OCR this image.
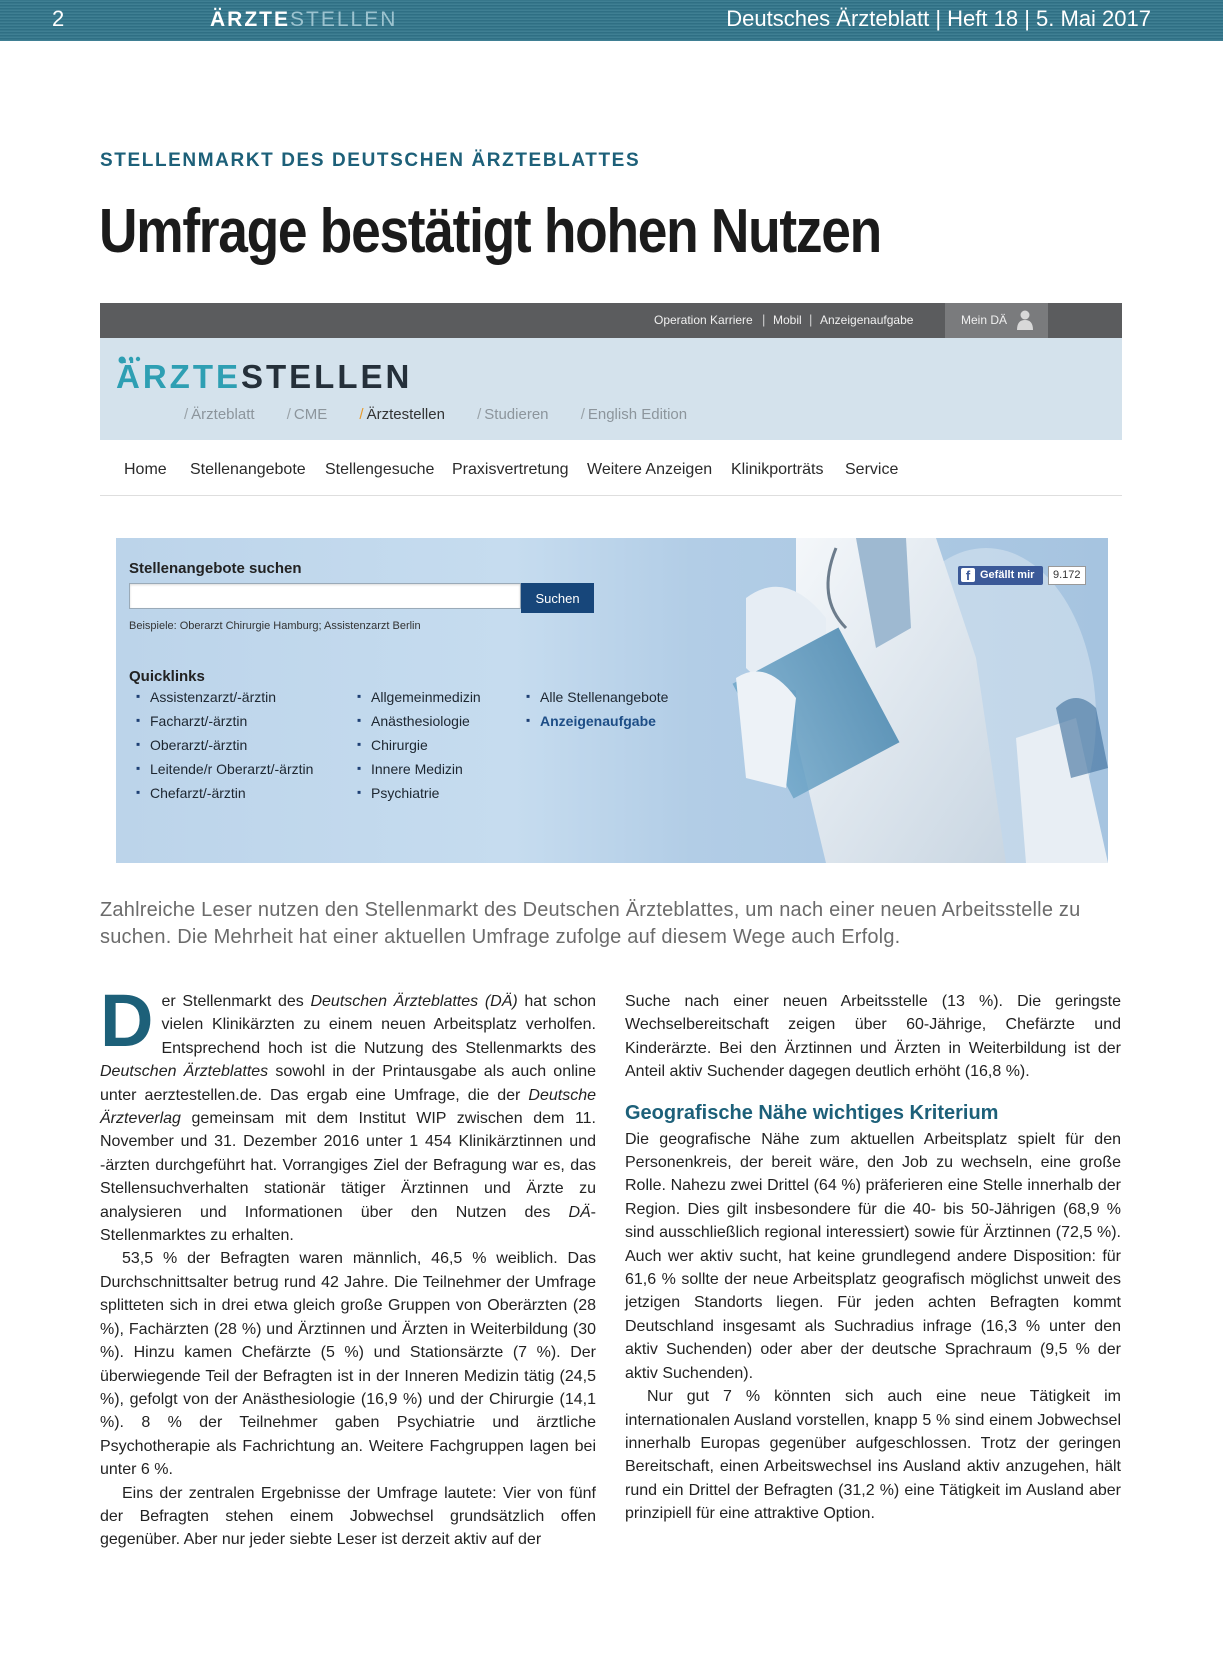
2	ÄRZTESTELLEN	Deutsches Ärzteblatt | Heft 18 | 5. Mai 2017
STELLENMARKT DES DEUTSCHEN ÄRZTEBLATTES
Umfrage bestätigt hohen Nutzen
Operation Karriere | Mobil | Anzeigenaufgabe	Mein DÄ
ÄRZTESTELLEN
/ Ärzteblatt / CME / Ärztestellen / Studieren / English Edition
Home Stellenangebote Stellengesuche Praxisvertretung Weitere Anzeigen Klinikporträts Service
Stellenangebote suchen
Suchen
Beispiele: Oberarzt Chirurgie Hamburg; Assistenzarzt Berlin
f Gefällt mir	9.172
Quicklinks
▪ Assistenzarzt/-ärztin
▪ Facharzt/-ärztin
▪ Oberarzt/-ärztin
▪ Leitende/r Oberarzt/-ärztin
▪ Chefarzt/-ärztin
▪ Allgemeinmedizin
▪ Anästhesiologie
▪ Chirurgie
▪ Innere Medizin
▪ Psychiatrie
▪ Alle Stellenangebote
▪ Anzeigenaufgabe
Zahlreiche Leser nutzen den Stellenmarkt des Deutschen Ärzteblattes, um nach einer neuen Arbeitsstelle zu suchen. Die Mehrheit hat einer aktuellen Umfrage zufolge auf diesem Wege auch Erfolg.

Der Stellenmarkt des Deutschen Ärzteblattes (DÄ) hat schon vielen Klinikärzten zu einem neuen Arbeitsplatz verholfen. Entsprechend hoch ist die Nutzung des Stellenmarkts des Deutschen Ärzteblattes sowohl in der Printausgabe als auch online unter aerztestellen.de. Das ergab eine Umfrage, die der Deutsche Ärzteverlag gemeinsam mit dem Institut WIP zwischen dem 11. November und 31. Dezember 2016 unter 1 454 Klinikärztinnen und -ärzten durchgeführt hat. Vorrangiges Ziel der Befragung war es, das Stellensuchverhalten stationär tätiger Ärztinnen und Ärzte zu analysieren und Informationen über den Nutzen des DÄ-Stellenmarktes zu erhalten.

53,5 % der Befragten waren männlich, 46,5 % weiblich. Das Durchschnittsalter betrug rund 42 Jahre. Die Teilnehmer der Umfrage splitteten sich in drei etwa gleich große Gruppen von Oberärzten (28 %), Fachärzten (28 %) und Ärztinnen und Ärzten in Weiterbildung (30 %). Hinzu kamen Chefärzte (5 %) und Stationsärzte (7 %). Der überwiegende Teil der Befragten ist in der Inneren Medizin tätig (24,5 %), gefolgt von der Anästhesiologie (16,9 %) und der Chirurgie (14,1 %). 8 % der Teilnehmer gaben Psychiatrie und ärztliche Psychotherapie als Fachrichtung an. Weitere Fachgruppen lagen bei unter 6 %.

Eins der zentralen Ergebnisse der Umfrage lautete: Vier von fünf der Befragten stehen einem Jobwechsel grundsätzlich offen gegenüber. Aber nur jeder siebte Leser ist derzeit aktiv auf der

Suche nach einer neuen Arbeitsstelle (13 %). Die geringste Wechselbereitschaft zeigen über 60-Jährige, Chefärzte und Kinderärzte. Bei den Ärztinnen und Ärzten in Weiterbildung ist der Anteil aktiv Suchender dagegen deutlich erhöht (16,8 %).

Geografische Nähe wichtiges Kriterium

Die geografische Nähe zum aktuellen Arbeitsplatz spielt für den Personenkreis, der bereit wäre, den Job zu wechseln, eine große Rolle. Nahezu zwei Drittel (64 %) präferieren eine Stelle innerhalb der Region. Dies gilt insbesondere für die 40- bis 50-Jährigen (68,9 % sind ausschließlich regional interessiert) sowie für Ärztinnen (72,5 %). Auch wer aktiv sucht, hat keine grundlegend andere Disposition: für 61,6 % sollte der neue Arbeitsplatz geografisch möglichst unweit des jetzigen Standorts liegen. Für jeden achten Befragten kommt Deutschland insgesamt als Suchradius infrage (16,3 % unter den aktiv Suchenden) oder aber der deutsche Sprachraum (9,5 % der aktiv Suchenden).

Nur gut 7 % könnten sich auch eine neue Tätigkeit im internationalen Ausland vorstellen, knapp 5 % sind einem Jobwechsel innerhalb Europas gegenüber aufgeschlossen. Trotz der geringen Bereitschaft, einen Arbeitswechsel ins Ausland aktiv anzugehen, hält rund ein Drittel der Befragten (31,2 %) eine Tätigkeit im Ausland aber prinzipiell für eine attraktive Option.
